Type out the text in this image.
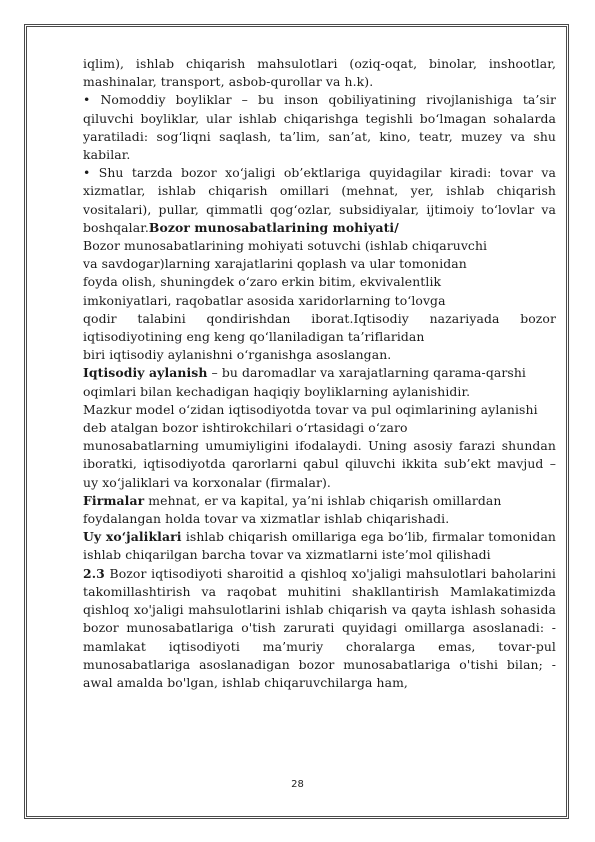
iqlim), ishlab chiqarish mahsulotlari (oziq-oqat, binolar, inshootlar, mashinalar, transport, asbob-qurollar va h.k).

• Nomoddiy boyliklar – bu inson qobiliyatining rivojlanishiga ta’sir qiluvchi boyliklar, ular ishlab chiqarishga tegishli bo‘lmagan sohalarda yaratiladi: sog‘liqni saqlash, ta’lim, san’at, kino, teatr, muzey va shu kabilar.

• Shu tarzda bozor xo‘jaligi ob’ektlariga quyidagilar kiradi: tovar va xizmatlar, ishlab chiqarish omillari (mehnat, yer, ishlab chiqarish vositalari), pullar, qimmatli qog‘ozlar, subsidiyalar, ijtimoiy to‘lovlar va boshqalar.Bozor munosabatlarining mohiyati/

Bozor munosabatlarining mohiyati sotuvchi (ishlab chiqaruvchi

va savdogar)larning xarajatlarini qoplash va ular tomonidan

foyda olish, shuningdek o‘zaro erkin bitim, ekvivalentlik

imkoniyatlari, raqobatlar asosida xaridorlarning to‘lovga

qodir talabini qondirishdan iborat.Iqtisodiy nazariyada bozor

iqtisodiyotining eng keng qo‘llaniladigan ta’riflaridan

biri iqtisodiy aylanishni o‘rganishga asoslangan.

Iqtisodiy aylanish – bu daromadlar va xarajatlarning qarama-qarshi

oqimlari bilan kechadigan haqiqiy boyliklarning aylanishidir.

Mazkur model o‘zidan iqtisodiyotda tovar va pul oqimlarining aylanishi

deb atalgan bozor ishtirokchilari o‘rtasidagi o‘zaro

munosabatlarning umumiyligini ifodalaydi. Uning asosiy farazi shundan iboratki, iqtisodiyotda qarorlarni qabul qiluvchi ikkita sub’ekt mavjud – uy xo‘jaliklari va korxonalar (firmalar).

Firmalar mehnat, er va kapital, ya’ni ishlab chiqarish omillardan

foydalangan holda tovar va xizmatlar ishlab chiqarishadi.

Uy xo‘jaliklari ishlab chiqarish omillariga ega bo‘lib, firmalar tomonidan ishlab chiqarilgan barcha tovar va xizmatlarni iste’mol qilishadi

2.3 Bozor iqtisodiyoti sharoitid a qishloq xo'jaligi mahsulotlari baholarini takomillashtirish va raqobat muhitini shakllantirish Mamlakatimizda qishloq xo'jaligi mahsulotlarini ishlab chiqarish va qayta ishlash sohasida bozor munosabatlariga o'tish zarurati quyidagi omillarga asoslanadi: - mamlakat iqtisodiyoti ma’muriy choralarga emas, tovar-pul munosabatlariga asoslanadigan bozor munosabatlariga o'tishi bilan; - awal amalda bo'lgan, ishlab chiqaruvchilarga ham,

28
